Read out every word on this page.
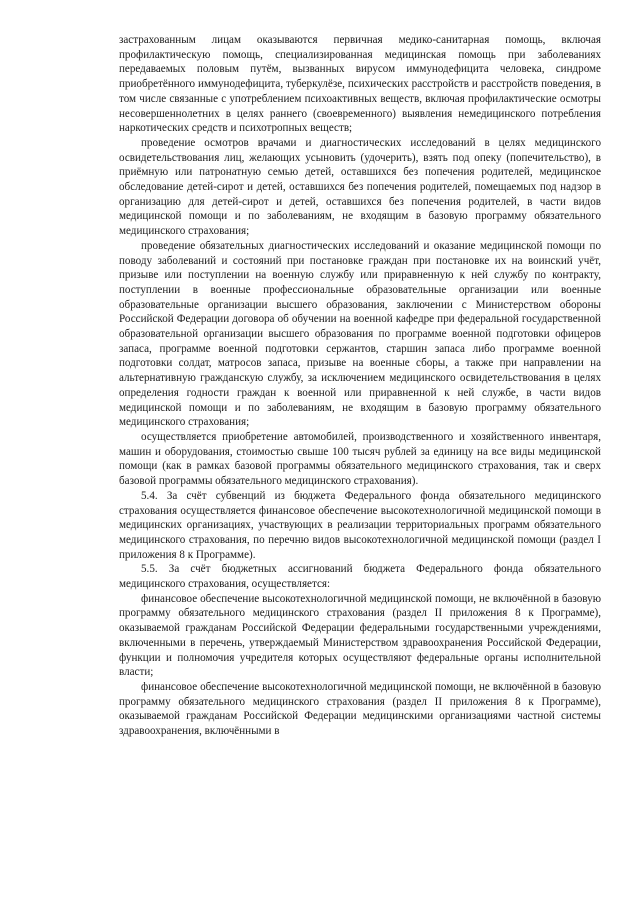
застрахованным лицам оказываются первичная медико-санитарная помощь, включая профилактическую помощь, специализированная медицинская помощь при заболеваниях передаваемых половым путём, вызванных вирусом иммунодефицита человека, синдроме приобретённого иммунодефицита, туберкулёзе, психических расстройств и расстройств поведения, в том числе связанные с употреблением психоактивных веществ, включая профилактические осмотры несовершеннолетних в целях раннего (своевременного) выявления немедицинского потребления наркотических средств и психотропных веществ;

проведение осмотров врачами и диагностических исследований в целях медицинского освидетельствования лиц, желающих усыновить (удочерить), взять под опеку (попечительство), в приёмную или патронатную семью детей, оставшихся без попечения родителей, медицинское обследование детей-сирот и детей, оставшихся без попечения родителей, помещаемых под надзор в организацию для детей-сирот и детей, оставшихся без попечения родителей, в части видов медицинской помощи и по заболеваниям, не входящим в базовую программу обязательного медицинского страхования;

проведение обязательных диагностических исследований и оказание медицинской помощи по поводу заболеваний и состояний при постановке граждан при постановке их на воинский учёт, призыве или поступлении на военную службу или приравненную к ней службу по контракту, поступлении в военные профессиональные образовательные организации или военные образовательные организации высшего образования, заключении с Министерством обороны Российской Федерации договора об обучении на военной кафедре при федеральной государственной образовательной организации высшего образования по программе военной подготовки офицеров запаса, программе военной подготовки сержантов, старшин запаса либо программе военной подготовки солдат, матросов запаса, призыве на военные сборы, а также при направлении на альтернативную гражданскую службу, за исключением медицинского освидетельствования в целях определения годности граждан к военной или приравненной к ней службе, в части видов медицинской помощи и по заболеваниям, не входящим в базовую программу обязательного медицинского страхования;

осуществляется приобретение автомобилей, производственного и хозяйственного инвентаря, машин и оборудования, стоимостью свыше 100 тысяч рублей за единицу на все виды медицинской помощи (как в рамках базовой программы обязательного медицинского страхования, так и сверх базовой программы обязательного медицинского страхования).

5.4. За счёт субвенций из бюджета Федерального фонда обязательного медицинского страхования осуществляется финансовое обеспечение высокотехнологичной медицинской помощи в медицинских организациях, участвующих в реализации территориальных программ обязательного медицинского страхования, по перечню видов высокотехнологичной медицинской помощи (раздел I приложения 8 к Программе).

5.5. За счёт бюджетных ассигнований бюджета Федерального фонда обязательного медицинского страхования, осуществляется:

финансовое обеспечение высокотехнологичной медицинской помощи, не включённой в базовую программу обязательного медицинского страхования (раздел II приложения 8 к Программе), оказываемой гражданам Российской Федерации федеральными государственными учреждениями, включенными в перечень, утверждаемый Министерством здравоохранения Российской Федерации, функции и полномочия учредителя которых осуществляют федеральные органы исполнительной власти;

финансовое обеспечение высокотехнологичной медицинской помощи, не включённой в базовую программу обязательного медицинского страхования (раздел II приложения 8 к Программе), оказываемой гражданам Российской Федерации медицинскими организациями частной системы здравоохранения, включёнными в
